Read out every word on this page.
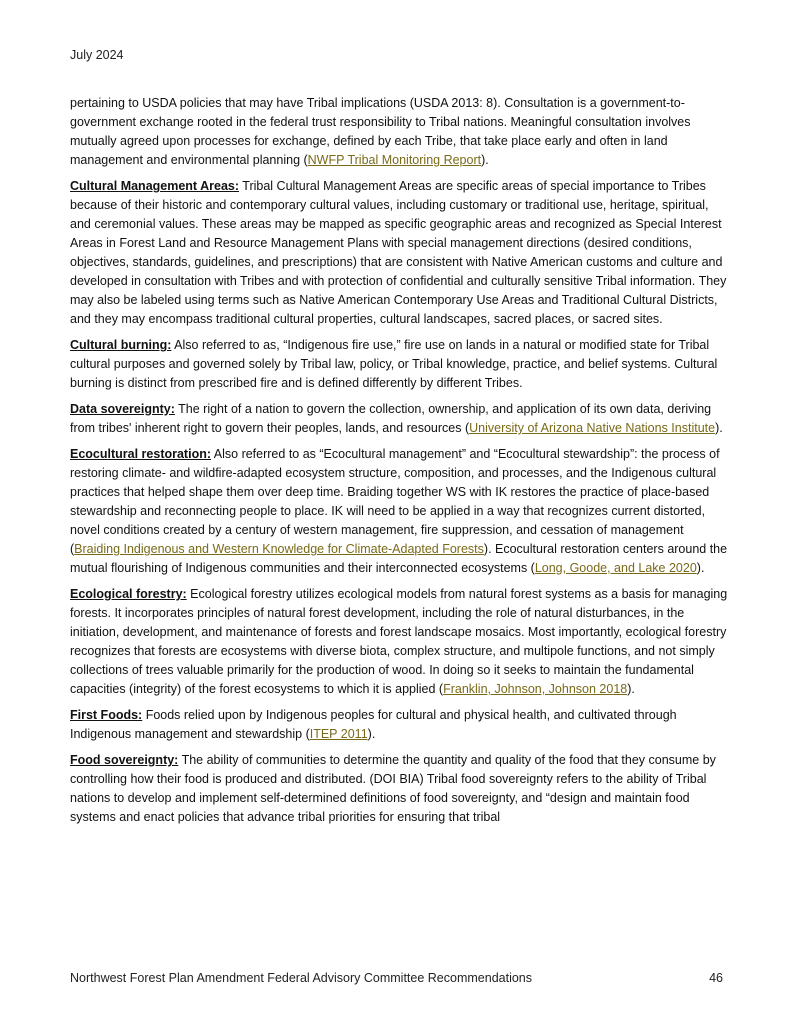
July 2024

pertaining to USDA policies that may have Tribal implications (USDA 2013: 8). Consultation is a government-to-government exchange rooted in the federal trust responsibility to Tribal nations. Meaningful consultation involves mutually agreed upon processes for exchange, defined by each Tribe, that take place early and often in land management and environmental planning (NWFP Tribal Monitoring Report).

Cultural Management Areas: Tribal Cultural Management Areas are specific areas of special importance to Tribes because of their historic and contemporary cultural values, including customary or traditional use, heritage, spiritual, and ceremonial values. These areas may be mapped as specific geographic areas and recognized as Special Interest Areas in Forest Land and Resource Management Plans with special management directions (desired conditions, objectives, standards, guidelines, and prescriptions) that are consistent with Native American customs and culture and developed in consultation with Tribes and with protection of confidential and culturally sensitive Tribal information. They may also be labeled using terms such as Native American Contemporary Use Areas and Traditional Cultural Districts, and they may encompass traditional cultural properties, cultural landscapes, sacred places, or sacred sites.

Cultural burning: Also referred to as, “Indigenous fire use,” fire use on lands in a natural or modified state for Tribal cultural purposes and governed solely by Tribal law, policy, or Tribal knowledge, practice, and belief systems. Cultural burning is distinct from prescribed fire and is defined differently by different Tribes.

Data sovereignty: The right of a nation to govern the collection, ownership, and application of its own data, deriving from tribes' inherent right to govern their peoples, lands, and resources (University of Arizona Native Nations Institute).

Ecocultural restoration: Also referred to as “Ecocultural management” and “Ecocultural stewardship”: the process of restoring climate- and wildfire-adapted ecosystem structure, composition, and processes, and the Indigenous cultural practices that helped shape them over deep time. Braiding together WS with IK restores the practice of place-based stewardship and reconnecting people to place. IK will need to be applied in a way that recognizes current distorted, novel conditions created by a century of western management, fire suppression, and cessation of management (Braiding Indigenous and Western Knowledge for Climate-Adapted Forests). Ecocultural restoration centers around the mutual flourishing of Indigenous communities and their interconnected ecosystems (Long, Goode, and Lake 2020).

Ecological forestry: Ecological forestry utilizes ecological models from natural forest systems as a basis for managing forests. It incorporates principles of natural forest development, including the role of natural disturbances, in the initiation, development, and maintenance of forests and forest landscape mosaics. Most importantly, ecological forestry recognizes that forests are ecosystems with diverse biota, complex structure, and multipole functions, and not simply collections of trees valuable primarily for the production of wood. In doing so it seeks to maintain the fundamental capacities (integrity) of the forest ecosystems to which it is applied (Franklin, Johnson, Johnson 2018).

First Foods: Foods relied upon by Indigenous peoples for cultural and physical health, and cultivated through Indigenous management and stewardship (ITEP 2011).

Food sovereignty: The ability of communities to determine the quantity and quality of the food that they consume by controlling how their food is produced and distributed. (DOI BIA) Tribal food sovereignty refers to the ability of Tribal nations to develop and implement self-determined definitions of food sovereignty, and “design and maintain food systems and enact policies that advance tribal priorities for ensuring that tribal

Northwest Forest Plan Amendment Federal Advisory Committee Recommendations	46
